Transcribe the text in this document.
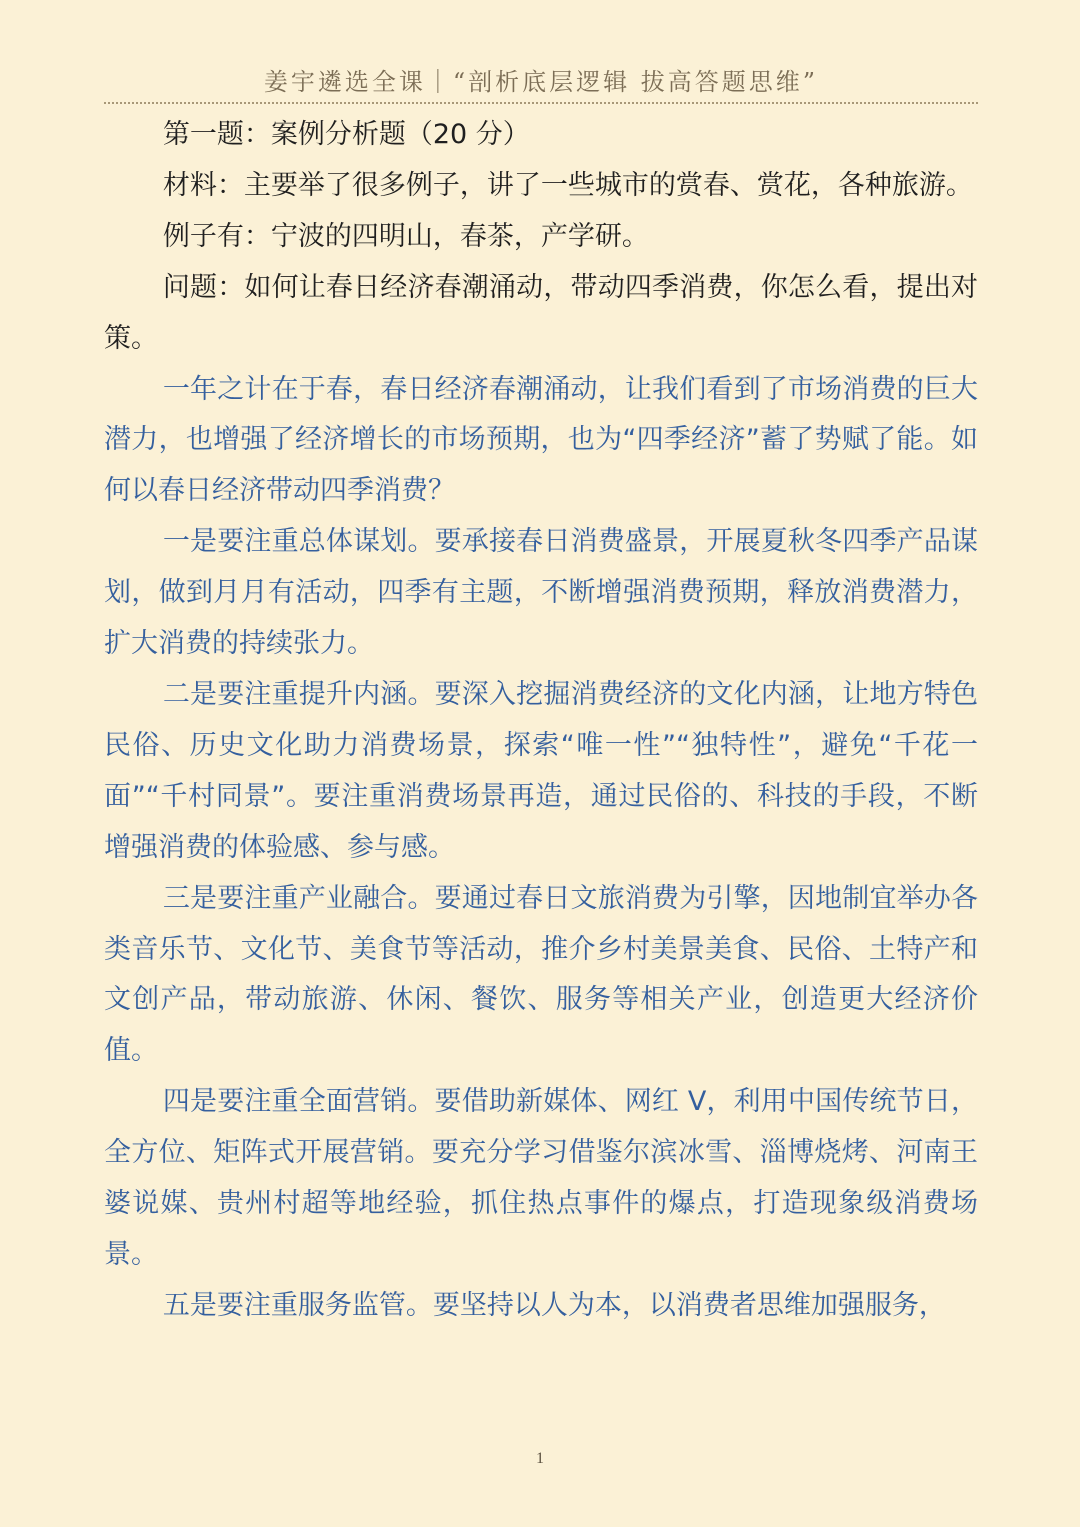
姜宇遴选全课｜“剖析底层逻辑 拔高答题思维”

第一题：案例分析题（20 分）

材料：主要举了很多例子，讲了一些城市的赏春、赏花，各种旅游。

例子有：宁波的四明山，春茶，产学研。

问题：如何让春日经济春潮涌动，带动四季消费，你怎么看，提出对策。

一年之计在于春，春日经济春潮涌动，让我们看到了市场消费的巨大潜力，也增强了经济增长的市场预期，也为“四季经济”蓄了势赋了能。如何以春日经济带动四季消费？

一是要注重总体谋划。要承接春日消费盛景，开展夏秋冬四季产品谋划，做到月月有活动，四季有主题，不断增强消费预期，释放消费潜力，扩大消费的持续张力。

二是要注重提升内涵。要深入挖掘消费经济的文化内涵，让地方特色民俗、历史文化助力消费场景，探索“唯一性”“独特性”，避免“千花一面”“千村同景”。要注重消费场景再造，通过民俗的、科技的手段，不断增强消费的体验感、参与感。

三是要注重产业融合。要通过春日文旅消费为引擎，因地制宜举办各类音乐节、文化节、美食节等活动，推介乡村美景美食、民俗、土特产和文创产品，带动旅游、休闲、餐饮、服务等相关产业，创造更大经济价值。

四是要注重全面营销。要借助新媒体、网红 V，利用中国传统节日，全方位、矩阵式开展营销。要充分学习借鉴尔滨冰雪、淄博烧烤、河南王婆说媒、贵州村超等地经验，抓住热点事件的爆点，打造现象级消费场景。

五是要注重服务监管。要坚持以人为本，以消费者思维加强服务，

1
